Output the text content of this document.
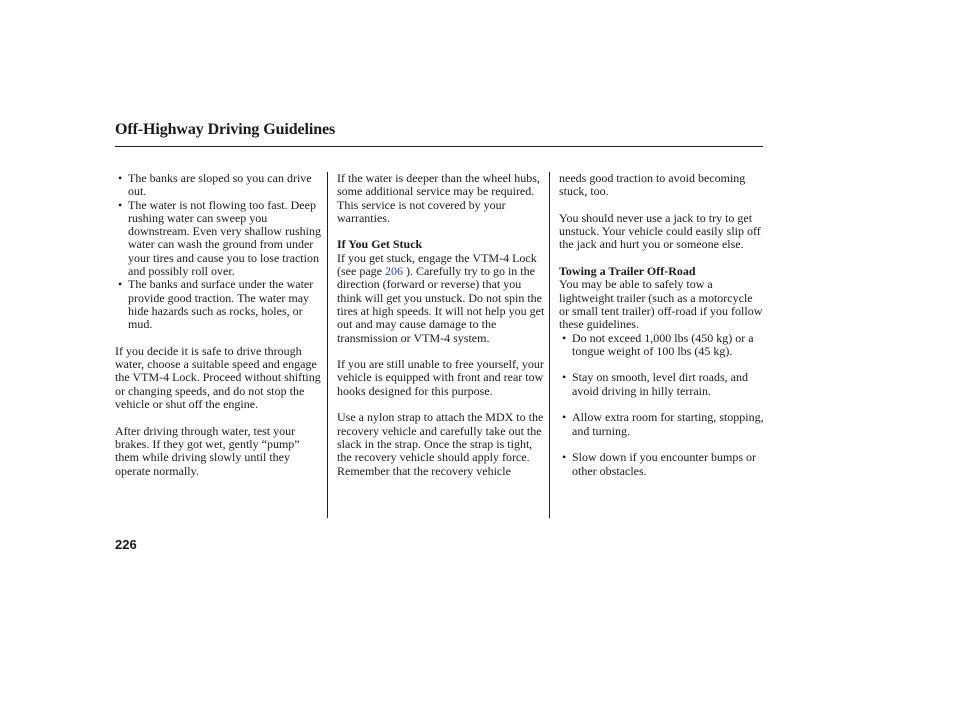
Off-Highway Driving Guidelines
• The banks are sloped so you can drive out.
• The water is not flowing too fast. Deep rushing water can sweep you downstream. Even very shallow rushing water can wash the ground from under your tires and cause you to lose traction and possibly roll over.
• The banks and surface under the water provide good traction. The water may hide hazards such as rocks, holes, or mud.

If you decide it is safe to drive through water, choose a suitable speed and engage the VTM-4 Lock. Proceed without shifting or changing speeds, and do not stop the vehicle or shut off the engine.

After driving through water, test your brakes. If they got wet, gently “pump” them while driving slowly until they operate normally.

If the water is deeper than the wheel hubs, some additional service may be required. This service is not covered by your warranties.

If You Get Stuck

If you get stuck, engage the VTM-4 Lock (see page 206 ). Carefully try to go in the direction (forward or reverse) that you think will get you unstuck. Do not spin the tires at high speeds. It will not help you get out and may cause damage to the transmission or VTM-4 system.

If you are still unable to free yourself, your vehicle is equipped with front and rear tow hooks designed for this purpose.

Use a nylon strap to attach the MDX to the recovery vehicle and carefully take out the slack in the strap. Once the strap is tight, the recovery vehicle should apply force. Remember that the recovery vehicle

needs good traction to avoid becoming stuck, too.

You should never use a jack to try to get unstuck. Your vehicle could easily slip off the jack and hurt you or someone else.

Towing a Trailer Off-Road

You may be able to safely tow a lightweight trailer (such as a motorcycle or small tent trailer) off-road if you follow these guidelines.

• Do not exceed 1,000 lbs (450 kg) or a tongue weight of 100 lbs (45 kg).
• Stay on smooth, level dirt roads, and avoid driving in hilly terrain.
• Allow extra room for starting, stopping, and turning.
• Slow down if you encounter bumps or other obstacles.
226
